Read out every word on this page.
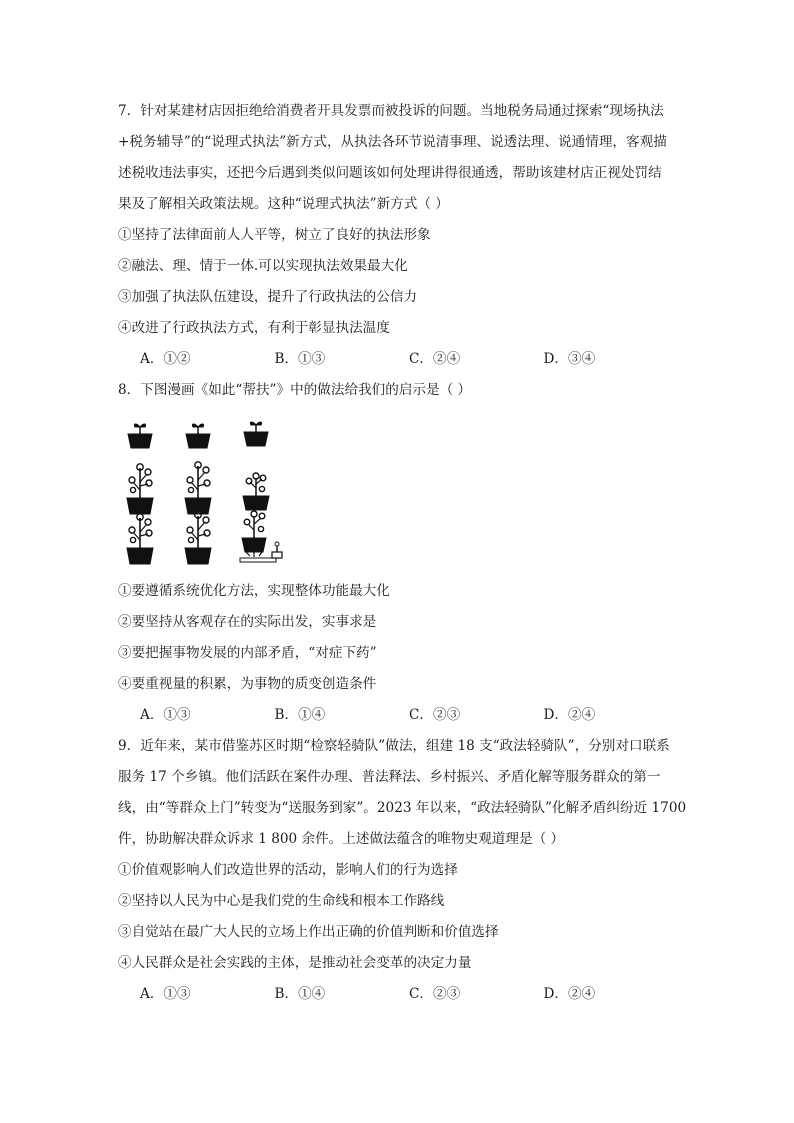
7．针对某建材店因拒绝给消费者开具发票而被投诉的问题。当地税务局通过探索“现场执法
+税务辅导”的“说理式执法”新方式，从执法各环节说清事理、说透法理、说通情理，客观描
述税收违法事实，还把今后遇到类似问题该如何处理讲得很通透，帮助该建材店正视处罚结
果及了解相关政策法规。这种“说理式执法”新方式（ ）
①坚持了法律面前人人平等，树立了良好的执法形象
②融法、理、情于一体.可以实现执法效果最大化
③加强了执法队伍建设，提升了行政执法的公信力
④改进了行政执法方式，有利于彰显执法温度
A．①②	B．①③	C．②④	D．③④
8．下图漫画《如此“帮扶”》中的做法给我们的启示是（ ）
①要遵循系统优化方法，实现整体功能最大化
②要坚持从客观存在的实际出发，实事求是
③要把握事物发展的内部矛盾，“对症下药”
④要重视量的积累，为事物的质变创造条件
A．①③	B．①④	C．②③	D．②④
9．近年来，某市借鉴苏区时期“检察轻骑队”做法，组建 18 支“政法轻骑队”，分别对口联系
服务 17 个乡镇。他们活跃在案件办理、普法释法、乡村振兴、矛盾化解等服务群众的第一
线，由“等群众上门”转变为“送服务到家”。2023 年以来，“政法轻骑队”化解矛盾纠纷近 1700
件，协助解决群众诉求 1 800 余件。上述做法蕴含的唯物史观道理是（ ）
①价值观影响人们改造世界的活动，影响人们的行为选择
②坚持以人民为中心是我们党的生命线和根本工作路线
③自觉站在最广大人民的立场上作出正确的价值判断和价值选择
④人民群众是社会实践的主体，是推动社会变革的决定力量
A．①③	B．①④	C．②③	D．②④
